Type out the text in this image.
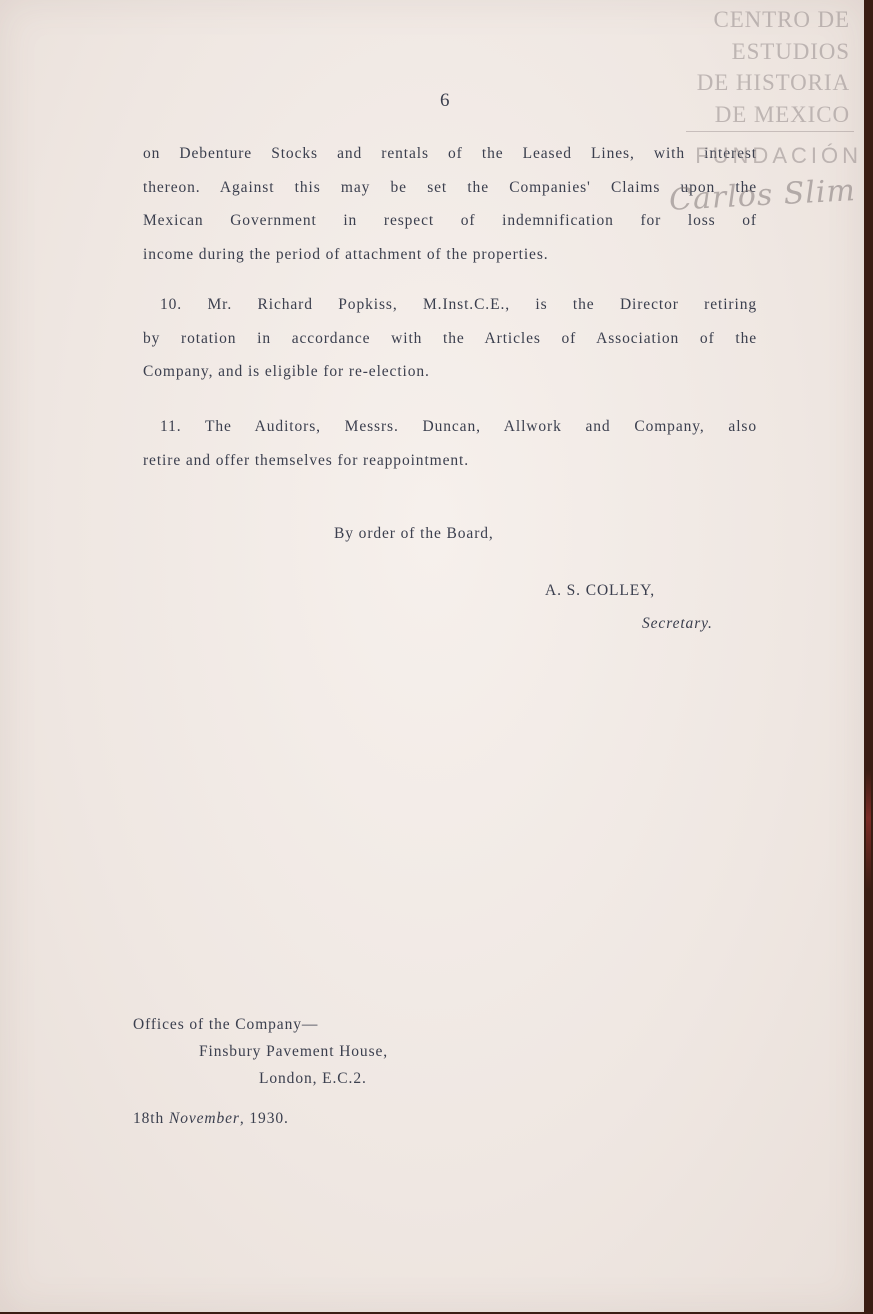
6
on Debenture Stocks and rentals of the Leased Lines, with interest
thereon. Against this may be set the Companies' Claims upon the
Mexican Government in respect of indemnification for loss of
income during the period of attachment of the properties.
10. Mr. Richard Popkiss, M.Inst.C.E., is the Director retiring
by rotation in accordance with the Articles of Association of the
Company, and is eligible for re-election.
11. The Auditors, Messrs. Duncan, Allwork and Company, also
retire and offer themselves for reappointment.
By order of the Board,
A. S. COLLEY,
Secretary.
Offices of the Company—
Finsbury Pavement House,
London, E.C.2.
18th November, 1930.
CENTRO DE
ESTUDIOS
DE HISTORIA
DE MEXICO
FUNDACIÓN
Carlos Slim
